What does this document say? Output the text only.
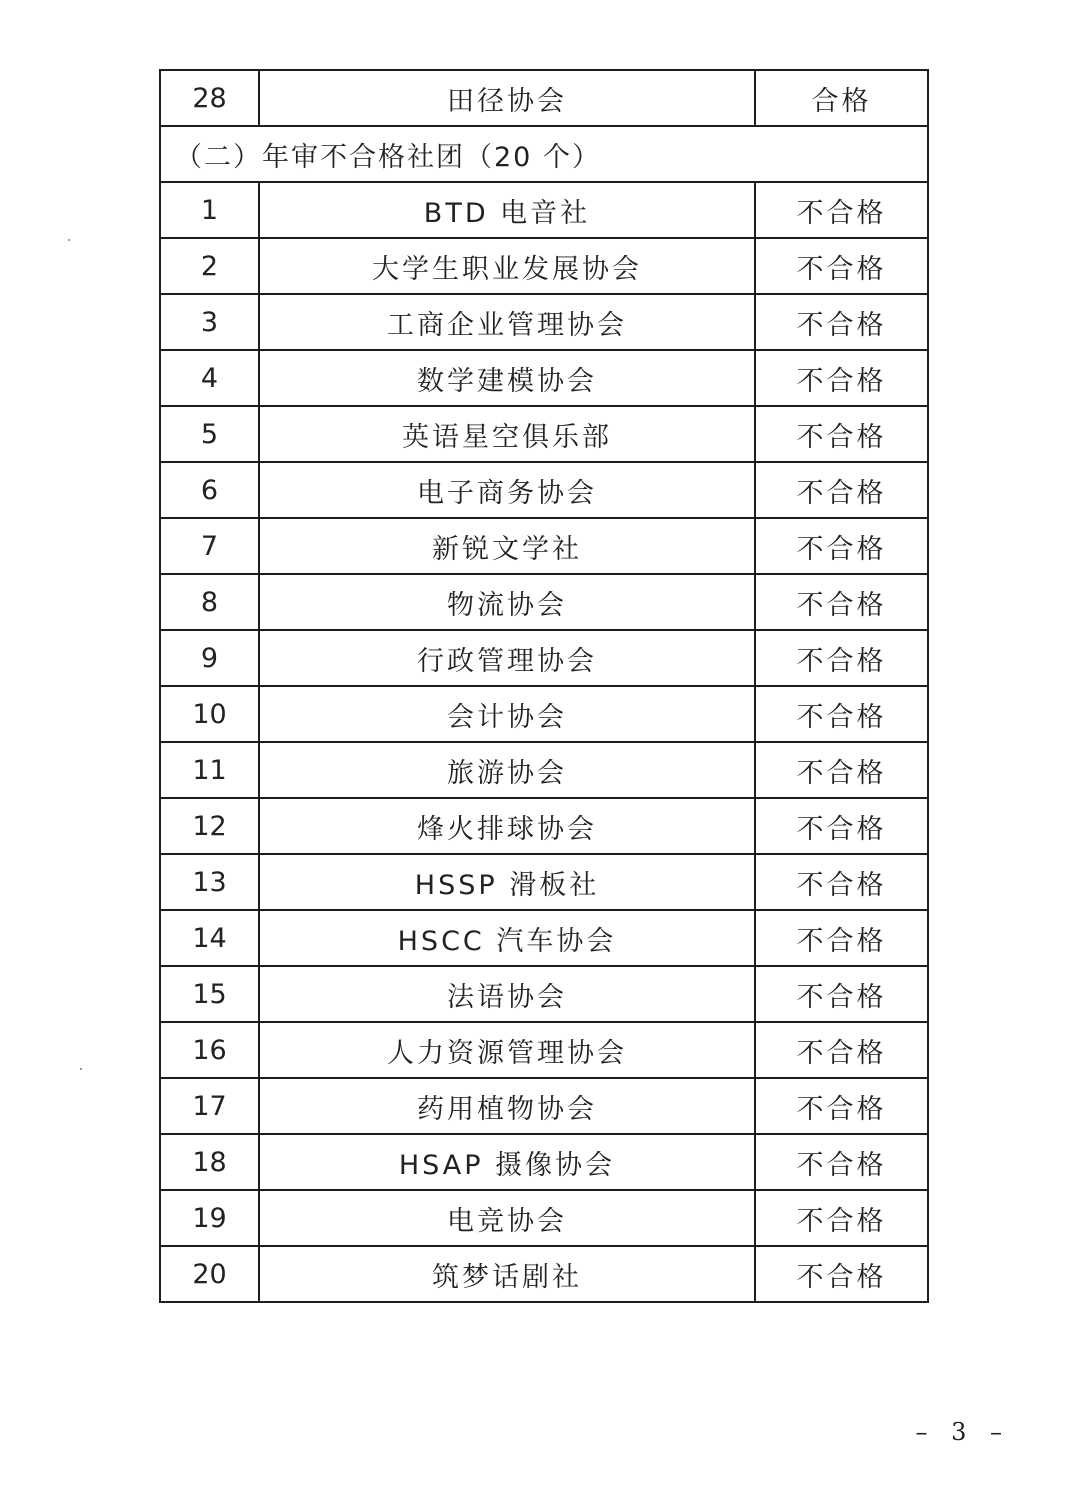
28	田径协会	合格
（二）年审不合格社团（20 个）		
1	BTD 电音社	不合格
2	大学生职业发展协会	不合格
3	工商企业管理协会	不合格
4	数学建模协会	不合格
5	英语星空俱乐部	不合格
6	电子商务协会	不合格
7	新锐文学社	不合格
8	物流协会	不合格
9	行政管理协会	不合格
10	会计协会	不合格
11	旅游协会	不合格
12	烽火排球协会	不合格
13	HSSP 滑板社	不合格
14	HSCC 汽车协会	不合格
15	法语协会	不合格
16	人力资源管理协会	不合格
17	药用植物协会	不合格
18	HSAP 摄像协会	不合格
19	电竞协会	不合格
20	筑梦话剧社	不合格
– 3 –
